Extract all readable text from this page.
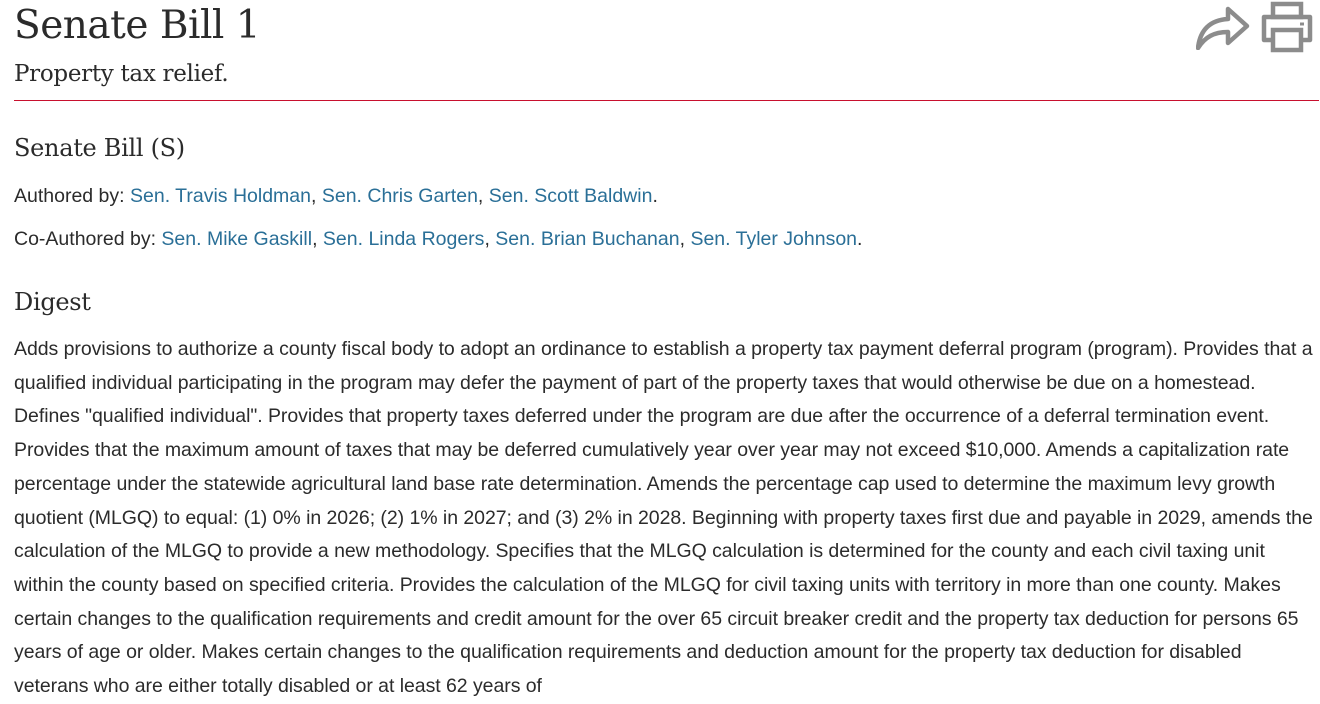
Senate Bill 1
Property tax relief.
Senate Bill (S)
Authored by: Sen. Travis Holdman, Sen. Chris Garten, Sen. Scott Baldwin.
Co-Authored by: Sen. Mike Gaskill, Sen. Linda Rogers, Sen. Brian Buchanan, Sen. Tyler Johnson.
Digest

Adds provisions to authorize a county fiscal body to adopt an ordinance to establish a property tax payment deferral program (program). Provides that a qualified individual participating in the program may defer the payment of part of the property taxes that would otherwise be due on a homestead. Defines "qualified individual". Provides that property taxes deferred under the program are due after the occurrence of a deferral termination event. Provides that the maximum amount of taxes that may be deferred cumulatively year over year may not exceed $10,000. Amends a capitalization rate percentage under the statewide agricultural land base rate determination. Amends the percentage cap used to determine the maximum levy growth quotient (MLGQ) to equal: (1) 0% in 2026; (2) 1% in 2027; and (3) 2% in 2028. Beginning with property taxes first due and payable in 2029, amends the calculation of the MLGQ to provide a new methodology. Specifies that the MLGQ calculation is determined for the county and each civil taxing unit within the county based on specified criteria. Provides the calculation of the MLGQ for civil taxing units with territory in more than one county. Makes certain changes to the qualification requirements and credit amount for the over 65 circuit breaker credit and the property tax deduction for persons 65 years of age or older. Makes certain changes to the qualification requirements and deduction amount for the property tax deduction for disabled veterans who are either totally disabled or at least 62 years of
